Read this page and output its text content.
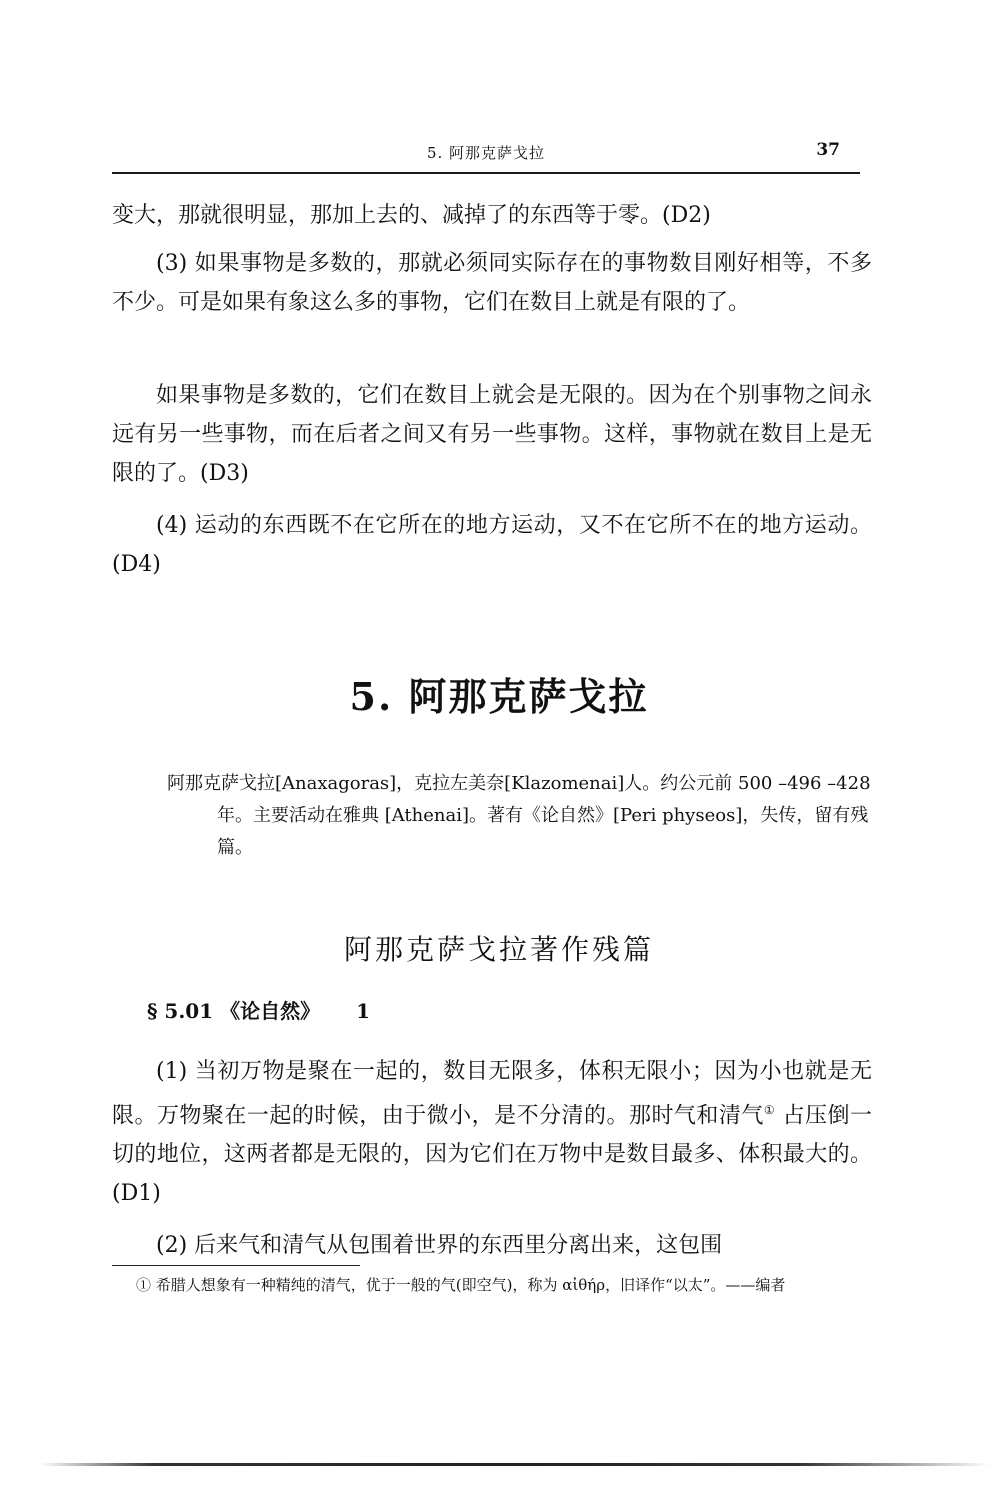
5. 阿那克萨戈拉	37

变大，那就很明显，那加上去的、减掉了的东西等于零。(D2)

(3) 如果事物是多数的，那就必须同实际存在的事物数目刚好相等，不多不少。可是如果有象这么多的事物，它们在数目上就是有限的了。

如果事物是多数的，它们在数目上就会是无限的。因为在个别事物之间永远有另一些事物，而在后者之间又有另一些事物。这样，事物就在数目上是无限的了。(D3)

(4) 运动的东西既不在它所在的地方运动，又不在它所不在的地方运动。(D4)

5. 阿那克萨戈拉

阿那克萨戈拉[Anaxagoras]，克拉左美奈[Klazomenai]人。约公元前 500 –496 –428 年。主要活动在雅典 [Athenai]。著有《论自然》[Peri physeos]，失传，留有残篇。

阿那克萨戈拉著作残篇

§ 5.01 《论自然》 1

(1) 当初万物是聚在一起的，数目无限多，体积无限小；因为小也就是无限。万物聚在一起的时候，由于微小，是不分清的。那时气和清气① 占压倒一切的地位，这两者都是无限的，因为它们在万物中是数目最多、体积最大的。(D1)

(2) 后来气和清气从包围着世界的东西里分离出来，这包围

① 希腊人想象有一种精纯的清气，优于一般的气(即空气)，称为 αἰθήρ，旧译作“以太”。——编者
